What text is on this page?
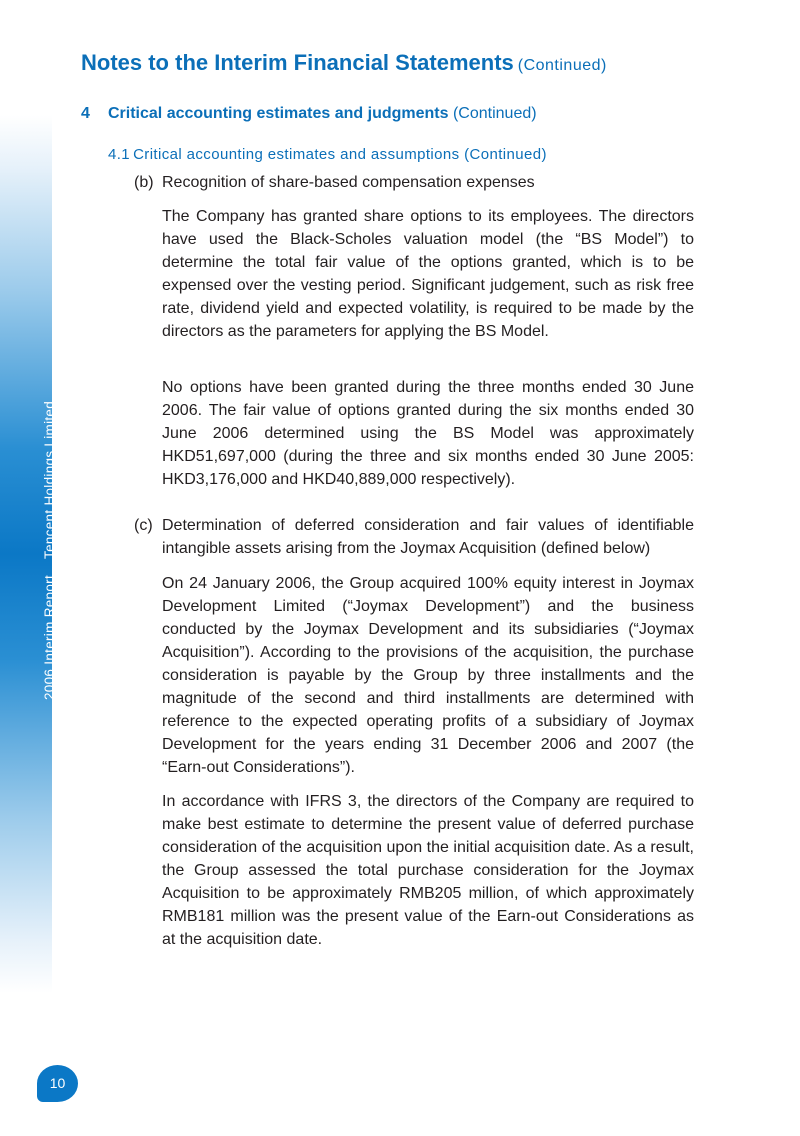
2006 Interim ReportTencent Holdings Limited
Notes to the Interim Financial Statements (Continued)
4 Critical accounting estimates and judgments (Continued)
4.1 Critical accounting estimates and assumptions (Continued)
(b) Recognition of share-based compensation expenses

The Company has granted share options to its employees. The directors have used the Black-Scholes valuation model (the “BS Model”) to determine the total fair value of the options granted, which is to be expensed over the vesting period. Significant judgement, such as risk free rate, dividend yield and expected volatility, is required to be made by the directors as the parameters for applying the BS Model.

No options have been granted during the three months ended 30 June 2006. The fair value of options granted during the six months ended 30 June 2006 determined using the BS Model was approximately HKD51,697,000 (during the three and six months ended 30 June 2005: HKD3,176,000 and HKD40,889,000 respectively).

(c) Determination of deferred consideration and fair values of identifiable intangible assets arising from the Joymax Acquisition (defined below)

On 24 January 2006, the Group acquired 100% equity interest in Joymax Development Limited (“Joymax Development”) and the business conducted by the Joymax Development and its subsidiaries (“Joymax Acquisition”). According to the provisions of the acquisition, the purchase consideration is payable by the Group by three installments and the magnitude of the second and third installments are determined with reference to the expected operating profits of a subsidiary of Joymax Development for the years ending 31 December 2006 and 2007 (the “Earn-out Considerations”).

In accordance with IFRS 3, the directors of the Company are required to make best estimate to determine the present value of deferred purchase consideration of the acquisition upon the initial acquisition date. As a result, the Group assessed the total purchase consideration for the Joymax Acquisition to be approximately RMB205 million, of which approximately RMB181 million was the present value of the Earn-out Considerations as at the acquisition date.

10
